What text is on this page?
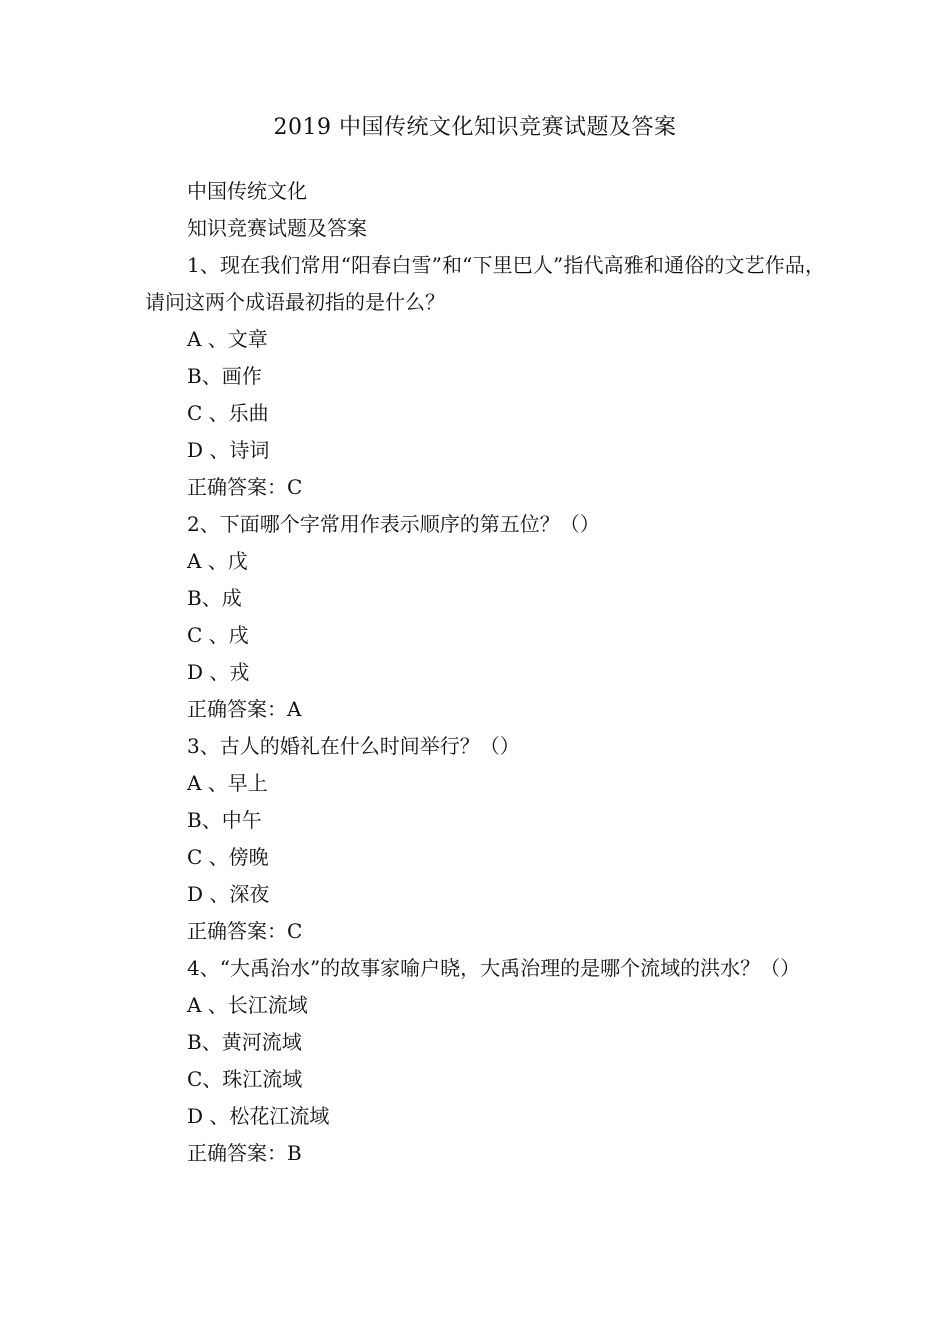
2019 中国传统文化知识竞赛试题及答案
中国传统文化
知识竞赛试题及答案
1、现在我们常用“阳春白雪”和“下里巴人”指代高雅和通俗的文艺作品，请问这两个成语最初指的是什么？
A 、文章
B、画作
C 、乐曲
D 、诗词
正确答案：C
2、下面哪个字常用作表示顺序的第五位？（）
A 、戊
B、成
C 、戌
D 、戎
正确答案：A
3、古人的婚礼在什么时间举行？（）
A 、早上
B、中午
C 、傍晚
D 、深夜
正确答案：C
4、“大禹治水”的故事家喻户晓，大禹治理的是哪个流域的洪水？（）
A 、长江流域
B、黄河流域
C、珠江流域
D 、松花江流域
正确答案：B
